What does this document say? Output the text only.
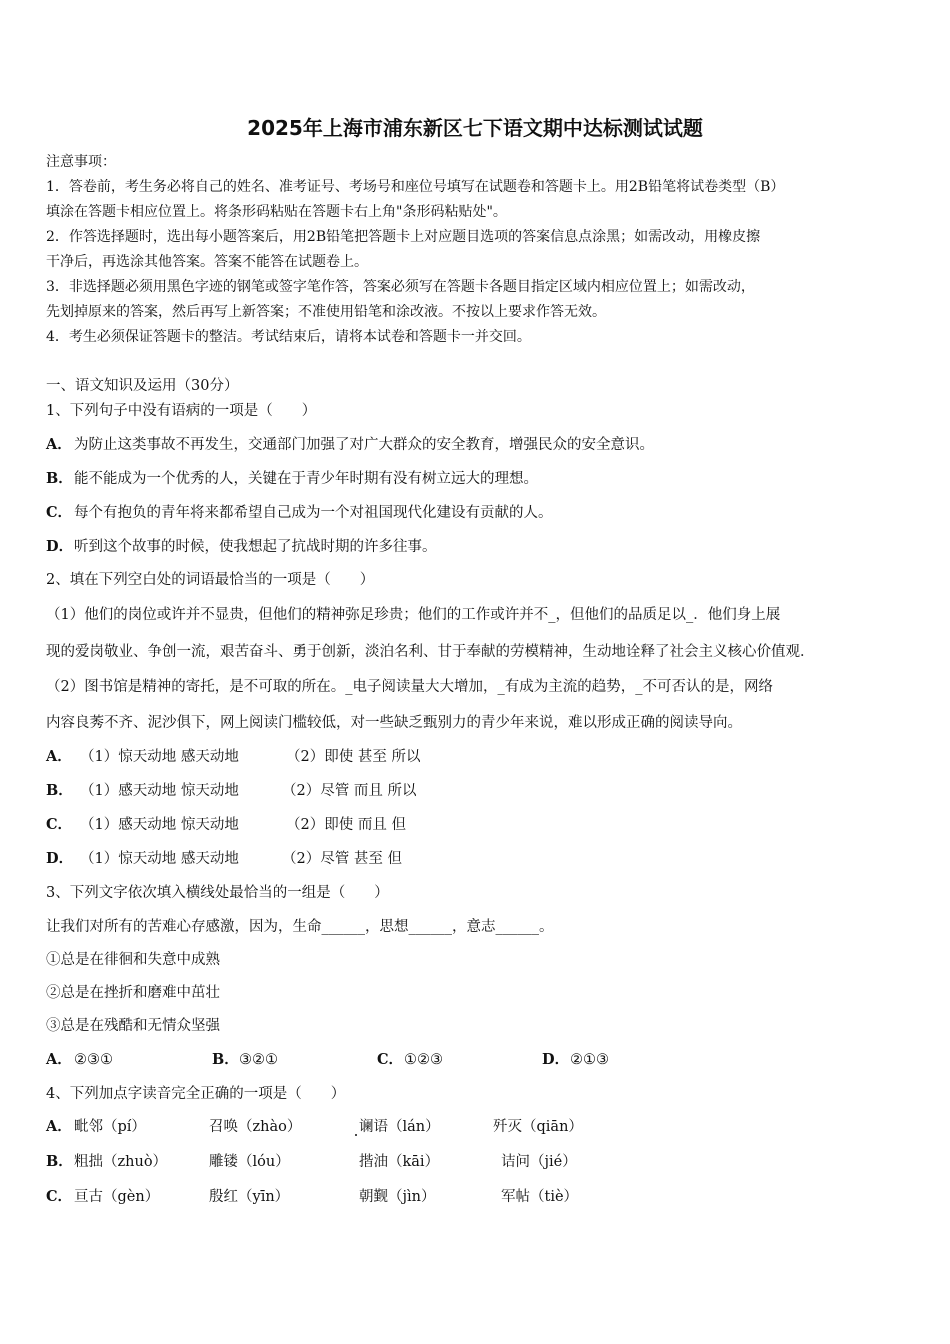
2025年上海市浦东新区七下语文期中达标测试试题
注意事项：
1．答卷前，考生务必将自己的姓名、准考证号、考场号和座位号填写在试题卷和答题卡上。用2B铅笔将试卷类型（B）
填涂在答题卡相应位置上。将条形码粘贴在答题卡右上角"条形码粘贴处"。
2．作答选择题时，选出每小题答案后，用2B铅笔把答题卡上对应题目选项的答案信息点涂黑；如需改动，用橡皮擦
干净后，再选涂其他答案。答案不能答在试题卷上。
3．非选择题必须用黑色字迹的钢笔或签字笔作答，答案必须写在答题卡各题目指定区域内相应位置上；如需改动，
先划掉原来的答案，然后再写上新答案；不准使用铅笔和涂改液。不按以上要求作答无效。
4．考生必须保证答题卡的整洁。考试结束后，请将本试卷和答题卡一并交回。
一、语文知识及运用（30分）
1、下列句子中没有语病的一项是（　　）
A． 为防止这类事故不再发生，交通部门加强了对广大群众的安全教育，增强民众的安全意识。
B．能不能成为一个优秀的人，关键在于青少年时期有没有树立远大的理想。
C． 每个有抱负的青年将来都希望自己成为一个对祖国现代化建设有贡献的人。
D．听到这个故事的时候，使我想起了抗战时期的许多往事。
2、填在下列空白处的词语最恰当的一项是（　　）
（1）他们的岗位或许并不显贵，但他们的精神弥足珍贵；他们的工作或许并不_，但他们的品质足以_．他们身上展
现的爱岗敬业、争创一流，艰苦奋斗、勇于创新，淡泊名利、甘于奉献的劳模精神，生动地诠释了社会主义核心价值观．
（2）图书馆是精神的寄托，是不可取的所在。_电子阅读量大大增加，_有成为主流的趋势，_不可否认的是，网络
内容良莠不齐、泥沙俱下，网上阅读门槛较低，对一些缺乏甄别力的青少年来说，难以形成正确的阅读导向。
A． （1）惊天动地 感天动地	（2）即使 甚至 所以
B． （1）感天动地 惊天动地	（2）尽管 而且 所以
C． （1）感天动地 惊天动地	（2）即使 而且 但
D． （1）惊天动地 感天动地	（2）尽管 甚至 但
3、下列文字依次填入横线处最恰当的一组是（　　）
让我们对所有的苦难心存感激，因为，生命______，思想______，意志______。
①总是在徘徊和失意中成熟
②总是在挫折和磨难中茁壮
③总是在残酷和无情众坚强
A． ②③①	B． ③②①	C． ①②③	D． ②①③
4、下列加点字读音完全正确的一项是（　　）
A． 毗邻（pí）	召唤（zhào）	谰语（lán）	歼灭（qiān）
B． 粗拙（zhuò）	雕镂（lóu）	揩油（kāi）	诘问（jié）
C． 亘古（gèn）	殷红（yīn）	朝觐（jìn）	军帖（tiè）
